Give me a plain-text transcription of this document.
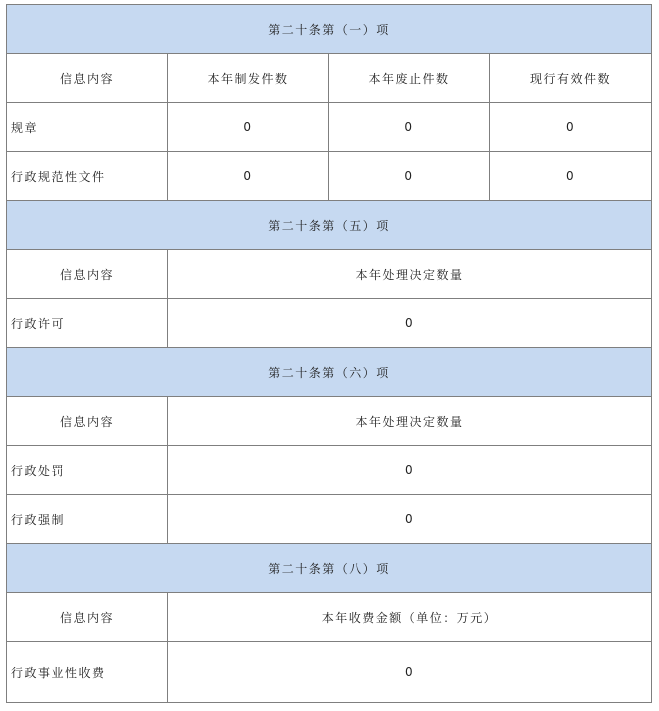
第二十条第（一）项			
信息内容	本年制发件数	本年废止件数	现行有效件数
规章	0	0	0
行政规范性文件	0	0	0
第二十条第（五）项			
信息内容	本年处理决定数量		
行政许可	0		
第二十条第（六）项			
信息内容	本年处理决定数量		
行政处罚	0		
行政强制	0		
第二十条第（八）项			
信息内容	本年收费金额（单位：万元）		
行政事业性收费	0		
